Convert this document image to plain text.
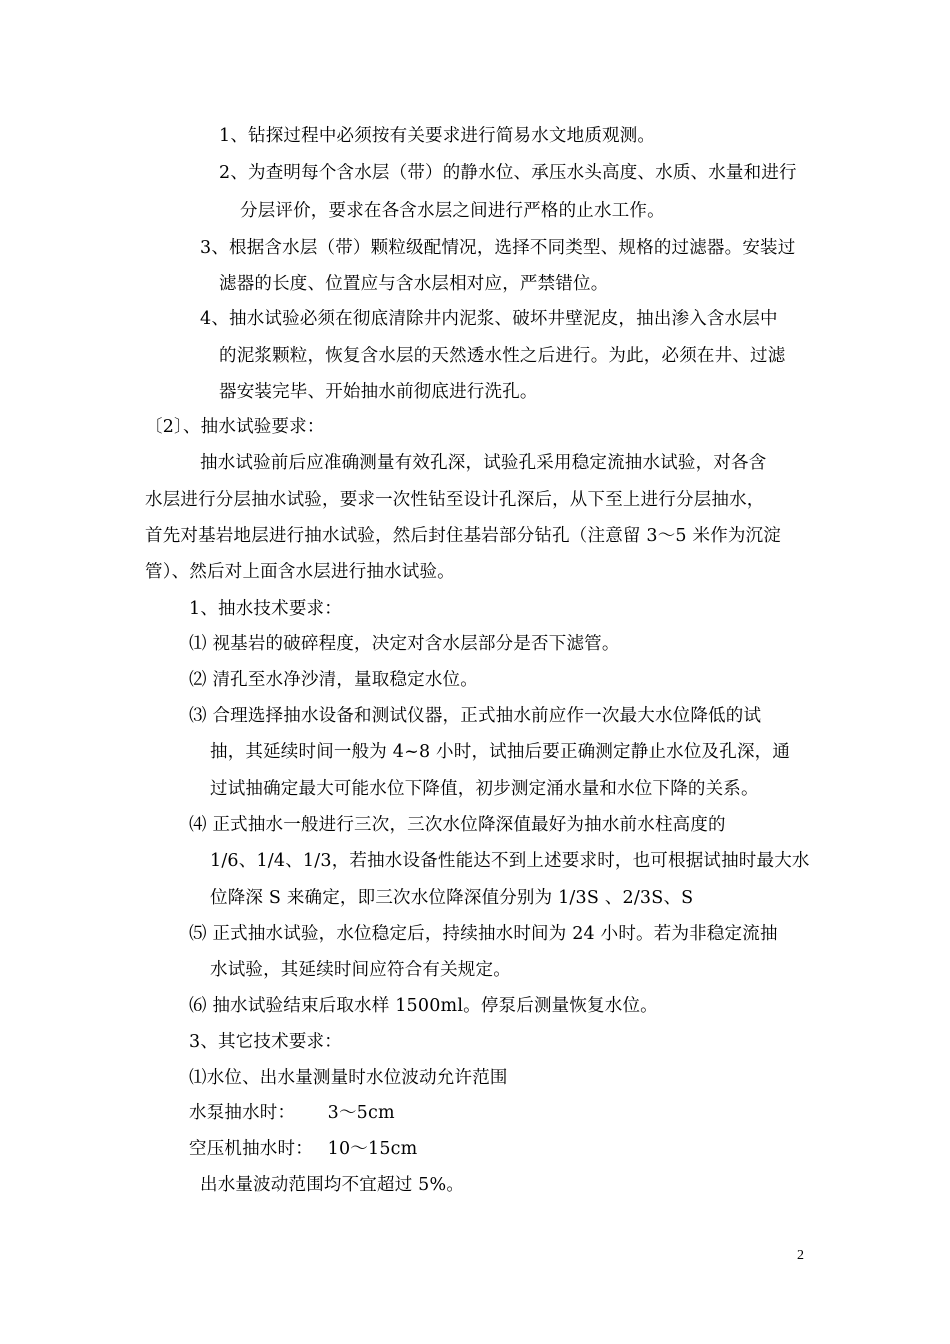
1、钻探过程中必须按有关要求进行简易水文地质观测。
2、为查明每个含水层（带）的静水位、承压水头高度、水质、水量和进行
分层评价，要求在各含水层之间进行严格的止水工作。
3、根据含水层（带）颗粒级配情况，选择不同类型、规格的过滤器。安装过
滤器的长度、位置应与含水层相对应，严禁错位。
4、抽水试验必须在彻底清除井内泥浆、破坏井壁泥皮，抽出渗入含水层中
的泥浆颗粒，恢复含水层的天然透水性之后进行。为此，必须在井、过滤
器安装完毕、开始抽水前彻底进行洗孔。
〔2〕、抽水试验要求：
抽水试验前后应准确测量有效孔深，试验孔采用稳定流抽水试验，对各含
水层进行分层抽水试验，要求一次性钻至设计孔深后，从下至上进行分层抽水，
首先对基岩地层进行抽水试验，然后封住基岩部分钻孔（注意留 3～5 米作为沉淀
管）、然后对上面含水层进行抽水试验。
1、抽水技术要求：
⑴ 视基岩的破碎程度，决定对含水层部分是否下滤管。
⑵ 清孔至水净沙清，量取稳定水位。
⑶ 合理选择抽水设备和测试仪器，正式抽水前应作一次最大水位降低的试
抽，其延续时间一般为 4~8 小时，试抽后要正确测定静止水位及孔深，通
过试抽确定最大可能水位下降值，初步测定涌水量和水位下降的关系。
⑷ 正式抽水一般进行三次，三次水位降深值最好为抽水前水柱高度的
1/6、1/4、1/3，若抽水设备性能达不到上述要求时，也可根据试抽时最大水
位降深 S 来确定，即三次水位降深值分别为 1/3S 、2/3S、S
⑸ 正式抽水试验，水位稳定后，持续抽水时间为 24 小时。若为非稳定流抽
水试验，其延续时间应符合有关规定。
⑹ 抽水试验结束后取水样 1500ml。停泵后测量恢复水位。
3、其它技术要求：
⑴水位、出水量测量时水位波动允许范围
水泵抽水时：　　 3～5cm
空压机抽水时：　 10～15cm
出水量波动范围均不宜超过 5%。
2
